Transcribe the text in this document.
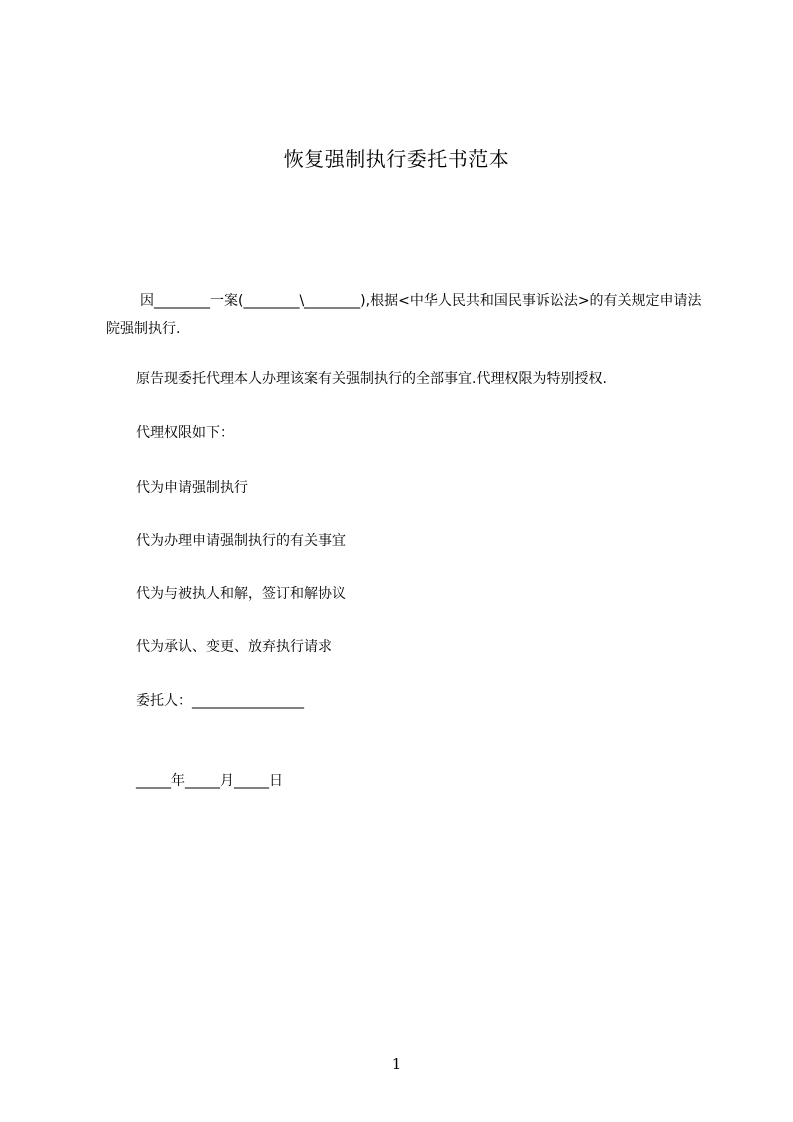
恢复强制执行委托书范本
因________一案(________\________),根据<中华人民共和国民事诉讼法>的有关规定申请法院强制执行.
原告现委托代理本人办理该案有关强制执行的全部事宜.代理权限为特别授权.
代理权限如下：
代为申请强制执行
代为办理申请强制执行的有关事宜
代为与被执人和解，签订和解协议
代为承认、变更、放弃执行请求
委托人：________________
_____年_____月_____日
1
